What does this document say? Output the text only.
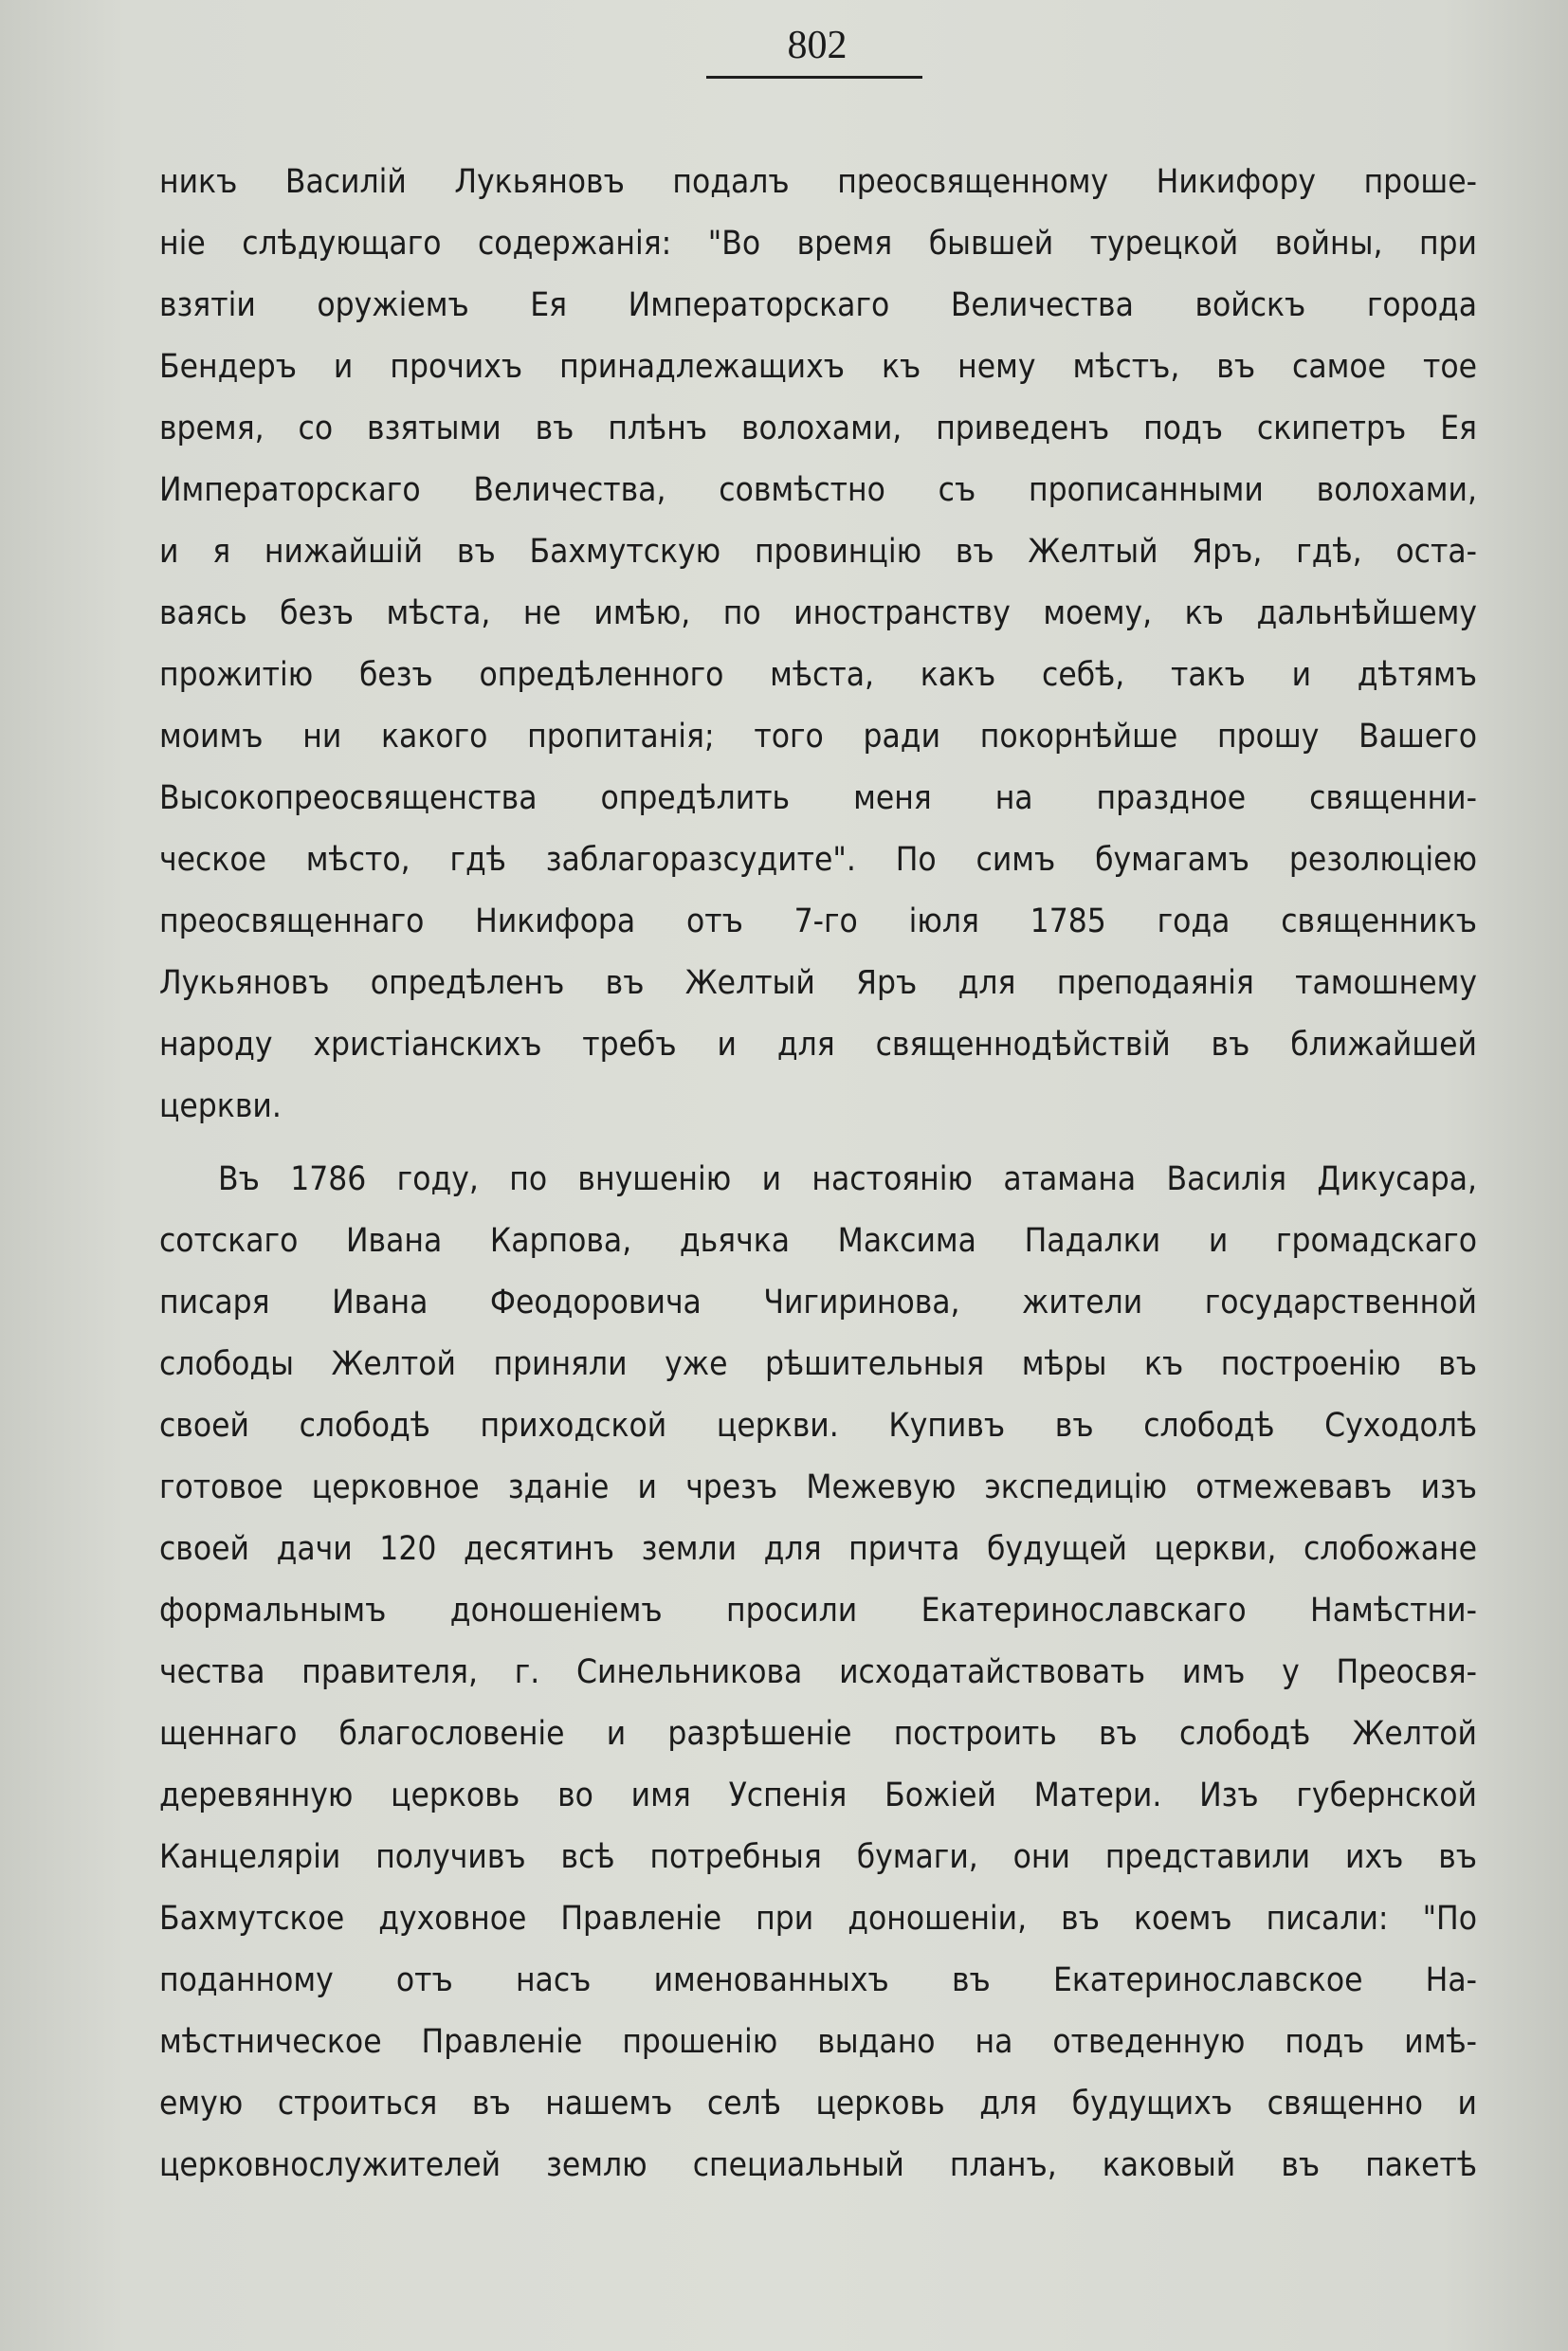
802
никъ Василій Лукьяновъ подалъ преосвященному Никифору проше-
ніе слѣдующаго содержанія: "Во время бывшей турецкой войны, при
взятіи оружіемъ Ея Императорскаго Величества войскъ города
Бендеръ и прочихъ принадлежащихъ къ нему мѣстъ, въ самое тое
время, со взятыми въ плѣнъ волохами, приведенъ подъ скипетръ Ея
Императорскаго Величества, совмѣстно съ прописанными волохами,
и я нижайшій въ Бахмутскую провинцію въ Желтый Яръ, гдѣ, оста-
ваясь безъ мѣста, не имѣю, по иностранству моему, къ дальнѣйшему
прожитію безъ опредѣленного мѣста, какъ себѣ, такъ и дѣтямъ
моимъ ни какого пропитанія; того ради покорнѣйше прошу Вашего
Высокопреосвященства опредѣлить меня на праздное священни-
ческое мѣсто, гдѣ заблагоразсудите". По симъ бумагамъ резолюціею
преосвященнаго Никифора отъ 7-го іюля 1785 года священникъ
Лукьяновъ опредѣленъ въ Желтый Яръ для преподаянія тамошнему
народу христіанскихъ требъ и для священнодѣйствій въ ближайшей
церкви.
Въ 1786 году, по внушенію и настоянію атамана Василія Дикусара,
сотскаго Ивана Карпова, дьячка Максима Падалки и громадскаго
писаря Ивана Феодоровича Чигиринова, жители государственной
слободы Желтой приняли уже рѣшительныя мѣры къ построенію въ
своей слободѣ приходской церкви. Купивъ въ слободѣ Суходолѣ
готовое церковное зданіе и чрезъ Межевую экспедицію отмежевавъ изъ
своей дачи 120 десятинъ земли для причта будущей церкви, слобожане
формальнымъ доношеніемъ просили Екатеринославскаго Намѣстни-
чества правителя, г. Синельникова исходатайствовать имъ у Преосвя-
щеннаго благословеніе и разрѣшеніе построить въ слободѣ Желтой
деревянную церковь во имя Успенія Божіей Матери. Изъ губернской
Канцеляріи получивъ всѣ потребныя бумаги, они представили ихъ въ
Бахмутское духовное Правленіе при доношеніи, въ коемъ писали: "По
поданному отъ насъ именованныхъ въ Екатеринославское На-
мѣстническое Правленіе прошенію выдано на отведенную подъ имѣ-
емую строиться въ нашемъ селѣ церковь для будущихъ священно и
церковнослужителей землю специальный планъ, каковый въ пакетѣ
